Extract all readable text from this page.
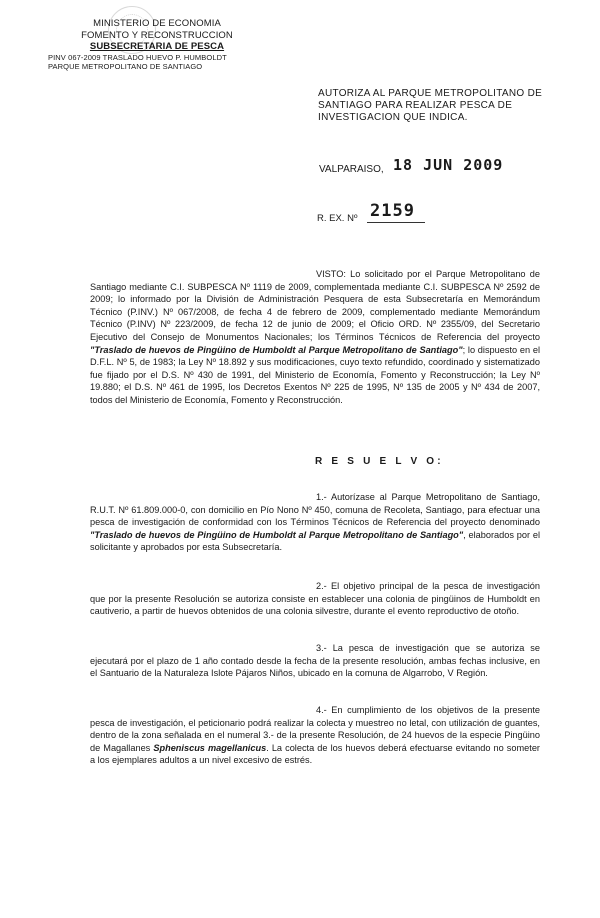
MINISTERIO DE ECONOMIA
FOMENTO Y RECONSTRUCCION
SUBSECRETARIA DE PESCA
PINV 067-2009 TRASLADO HUEVO P. HUMBOLDT
PARQUE METROPOLITANO DE SANTIAGO
AUTORIZA AL PARQUE METROPOLITANO DE SANTIAGO PARA REALIZAR PESCA DE INVESTIGACION QUE INDICA.
VALPARAISO, 18 JUN 2009
R. EX. Nº 2159

VISTO: Lo solicitado por el Parque Metropolitano de Santiago mediante C.I. SUBPESCA Nº 1119 de 2009, complementada mediante C.I. SUBPESCA Nº 2592 de 2009; lo informado por la División de Administración Pesquera de esta Subsecretaría en Memorándum Técnico (P.INV.) Nº 067/2008, de fecha 4 de febrero de 2009, complementado mediante Memorándum Técnico (P.INV) Nº 223/2009, de fecha 12 de junio de 2009; el Oficio ORD. Nº 2355/09, del Secretario Ejecutivo del Consejo de Monumentos Nacionales; los Términos Técnicos de Referencia del proyecto "Traslado de huevos de Pingüino de Humboldt al Parque Metropolitano de Santiago"; lo dispuesto en el D.F.L. Nº 5, de 1983; la Ley Nº 18.892 y sus modificaciones, cuyo texto refundido, coordinado y sistematizado fue fijado por el D.S. Nº 430 de 1991, del Ministerio de Economía, Fomento y Reconstrucción; la Ley Nº 19.880; el D.S. Nº 461 de 1995, los Decretos Exentos Nº 225 de 1995, Nº 135 de 2005 y Nº 434 de 2007, todos del Ministerio de Economía, Fomento y Reconstrucción.

R E S U E L V O:

1.- Autorízase al Parque Metropolitano de Santiago, R.U.T. Nº 61.809.000-0, con domicilio en Pío Nono Nº 450, comuna de Recoleta, Santiago, para efectuar una pesca de investigación de conformidad con los Términos Técnicos de Referencia del proyecto denominado "Traslado de huevos de Pingüino de Humboldt al Parque Metropolitano de Santiago", elaborados por el solicitante y aprobados por esta Subsecretaría.

2.- El objetivo principal de la pesca de investigación que por la presente Resolución se autoriza consiste en establecer una colonia de pingüinos de Humboldt en cautiverio, a partir de huevos obtenidos de una colonia silvestre, durante el evento reproductivo de otoño.

3.- La pesca de investigación que se autoriza se ejecutará por el plazo de 1 año contado desde la fecha de la presente resolución, ambas fechas inclusive, en el Santuario de la Naturaleza Islote Pájaros Niños, ubicado en la comuna de Algarrobo, V Región.

4.- En cumplimiento de los objetivos de la presente pesca de investigación, el peticionario podrá realizar la colecta y muestreo no letal, con utilización de guantes, dentro de la zona señalada en el numeral 3.- de la presente Resolución, de 24 huevos de la especie Pingüino de Magallanes Spheniscus magellanicus. La colecta de los huevos deberá efectuarse evitando no someter a los ejemplares adultos a un nivel excesivo de estrés.
